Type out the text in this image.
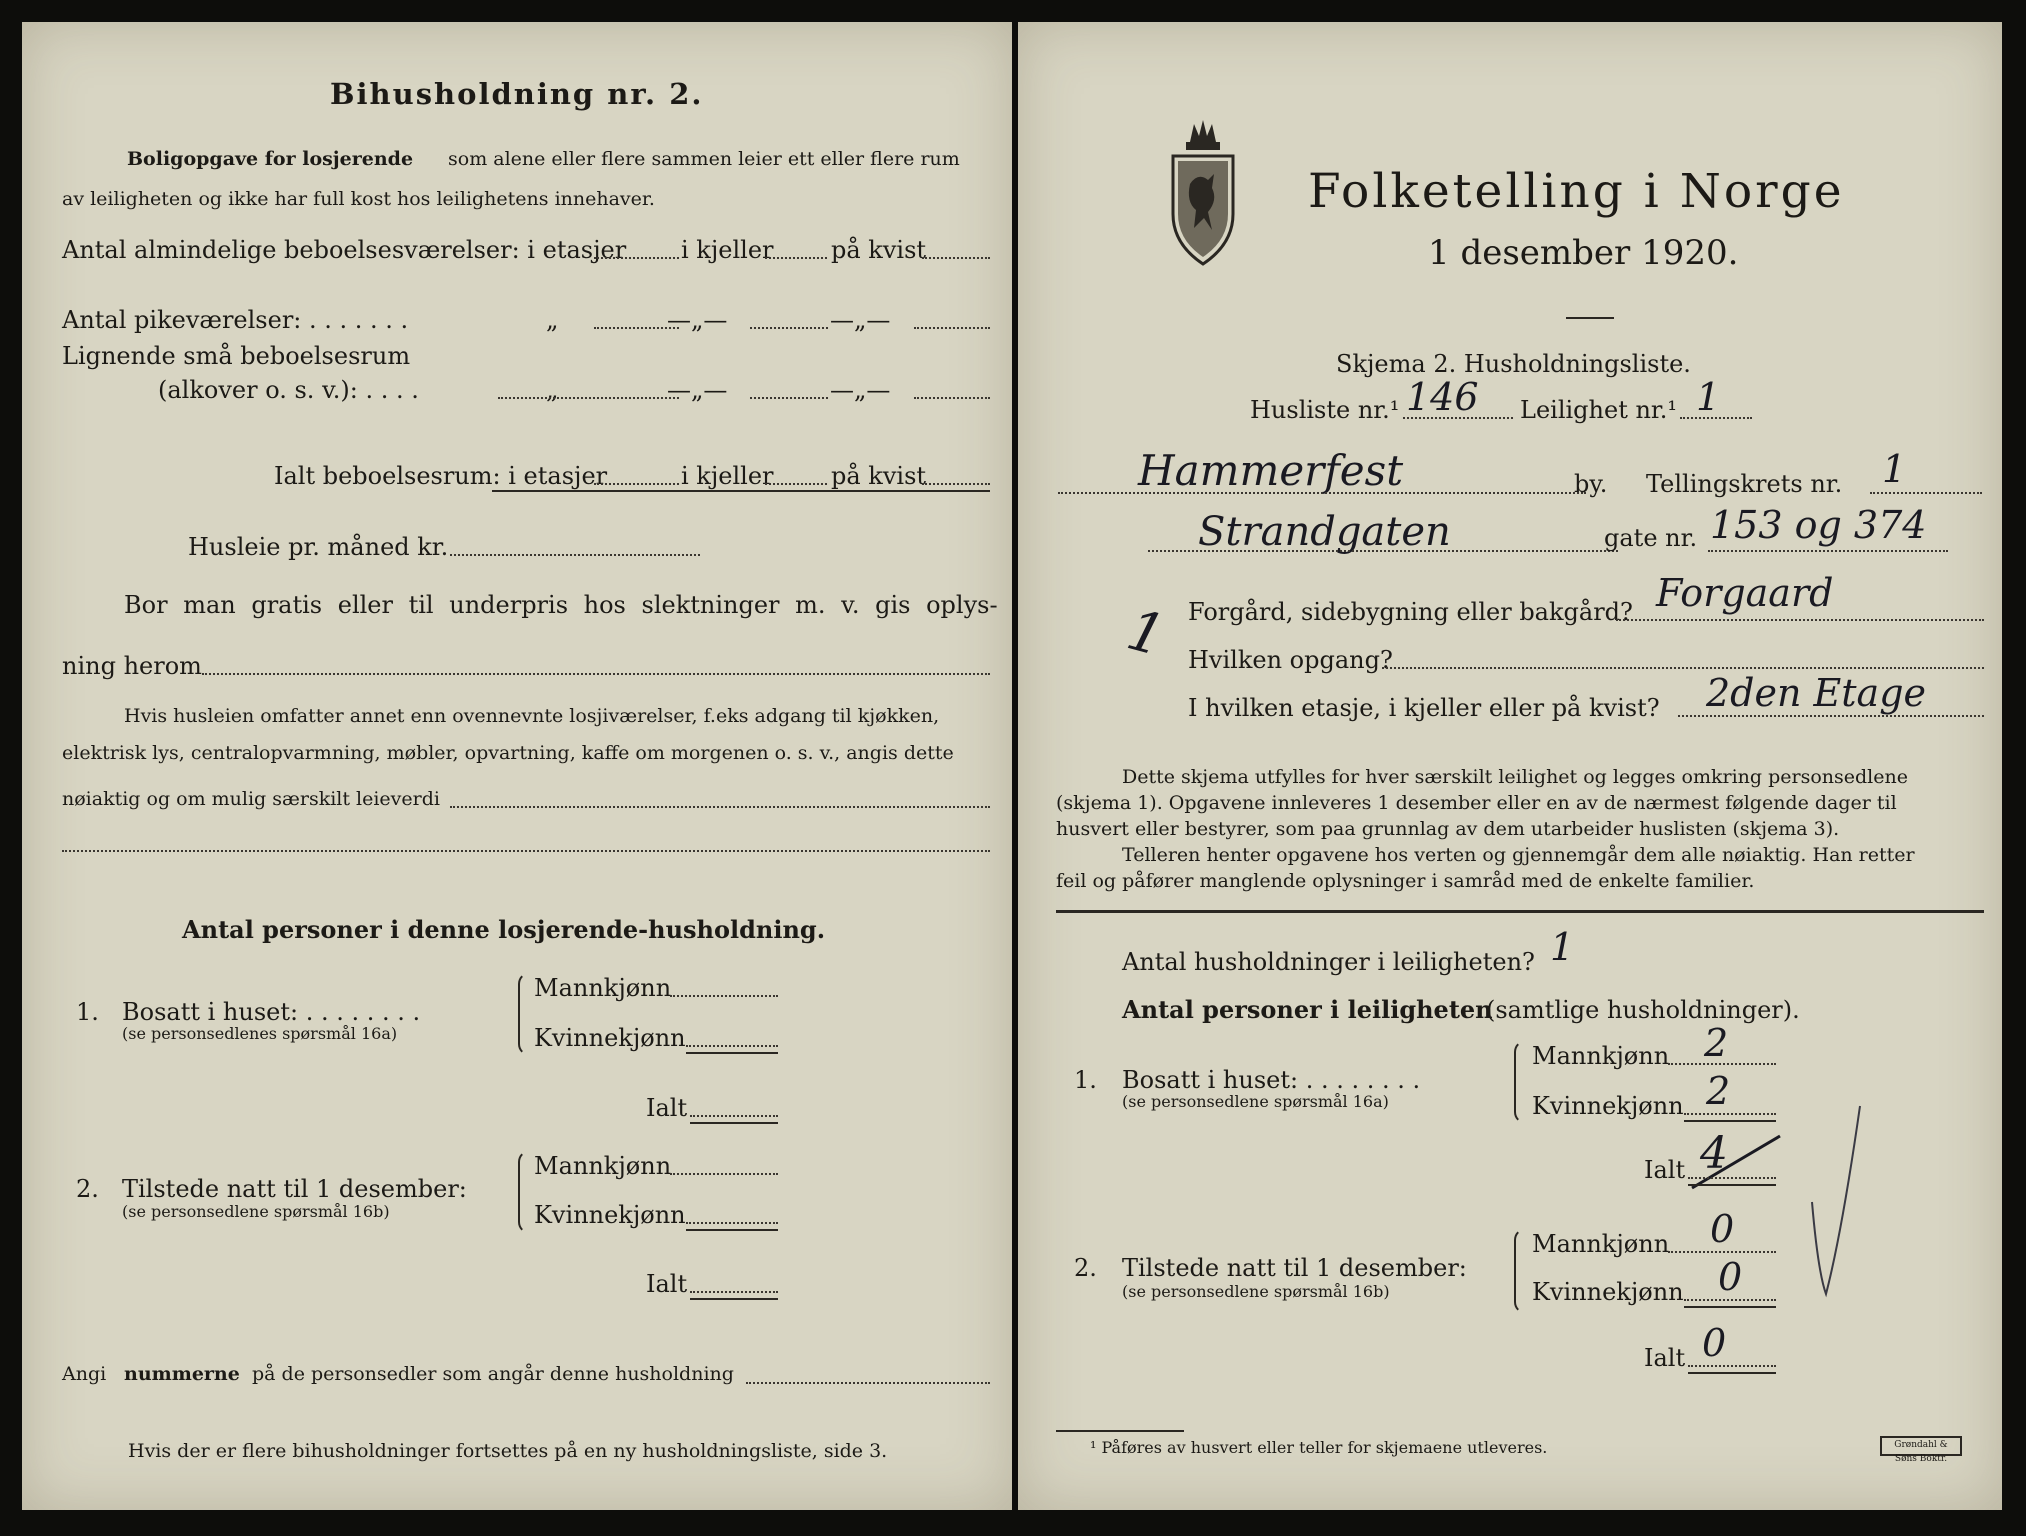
Bihusholdning nr. 2.
Boligopgave for losjerende som alene eller flere sammen leier ett eller flere rum
av leiligheten og ikke har full kost hos leilighetens innehaver.
Antal almindelige beboelsesværelser: i etasjer i kjeller på kvist
Antal pikeværelser: . . . . . . .	„	—„—	—„—
Lignende små beboelsesrum
(alkover o. s. v.): . . . .	„	—„—	—„—
Ialt beboelsesrum: i etasjer	i kjeller på kvist
Husleie pr. måned kr.
Bor man gratis eller til underpris hos slektninger m. v. gis oplys-
ning herom
Hvis husleien omfatter annet enn ovennevnte losjiværelser, f.eks adgang til kjøkken,
elektrisk lys, centralopvarmning, møbler, opvartning, kaffe om morgenen o. s. v., angis dette
nøiaktig og om mulig særskilt leieverdi
Antal personer i denne losjerende-husholdning.
1. Bosatt i huset: . . . . . . . .
(se personsedlenes spørsmål 16a)
Mannkjønn
Kvinnekjønn
Ialt
2. Tilstede natt til 1 desember:
(se personsedlene spørsmål 16b)
Mannkjønn
Kvinnekjønn
Ialt
Angi nummerne på de personsedler som angår denne husholdning
Hvis der er flere bihusholdninger fortsettes på en ny husholdningsliste, side 3.
Folketelling i Norge
1 desember 1920.
Skjema 2. Husholdningsliste.
Husliste nr.¹ 146 Leilighet nr.¹ 1
Hammerfest	by. Tellingskrets nr. 1
Strandgaten	gate nr. 153 og 374
1 Forgård, sidebygning eller bakgård? Forgaard
Hvilken opgang?
I hvilken etasje, i kjeller eller på kvist? 2den Etage
Dette skjema utfylles for hver særskilt leilighet og legges omkring personsedlene
(skjema 1). Opgavene innleveres 1 desember eller en av de nærmest følgende dager til
husvert eller bestyrer, som paa grunnlag av dem utarbeider huslisten (skjema 3).
Telleren henter opgavene hos verten og gjennemgår dem alle nøiaktig. Han retter
feil og påfører manglende oplysninger i samråd med de enkelte familier.
Antal husholdninger i leiligheten? 1
Antal personer i leiligheten
(samtlige husholdninger).
1. Bosatt i huset: . . . . . . . .
(se personsedlene spørsmål 16a)
Mannkjønn 2
Kvinnekjønn 2
Ialt 4
2. Tilstede natt til 1 desember:
(se personsedlene spørsmål 16b)
Mannkjønn 0
Kvinnekjønn 0
Ialt 0
¹ Påføres av husvert eller teller for skjemaene utleveres.	Grøndahl & Søns Boktr.
